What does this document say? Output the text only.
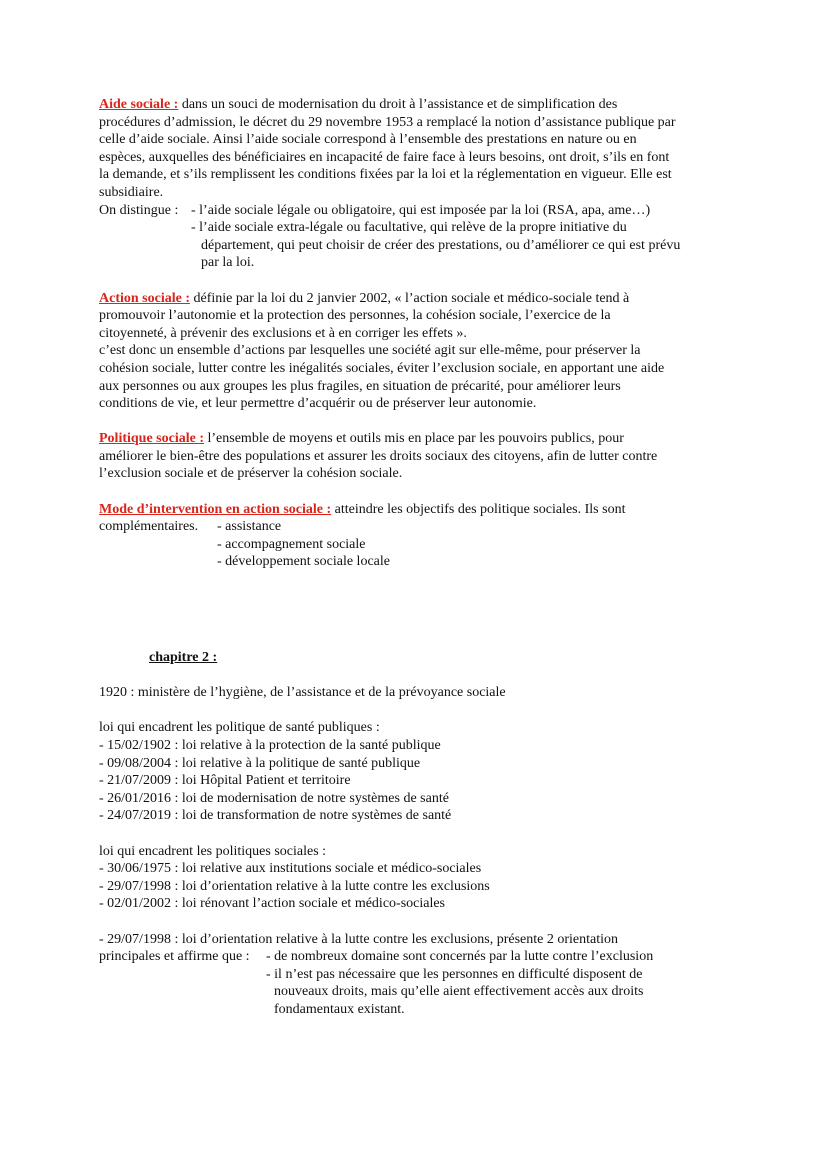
Aide sociale : dans un souci de modernisation du droit à l’assistance et de simplification des

procédures d’admission, le décret du 29 novembre 1953 a remplacé la notion d’assistance publique par

celle d’aide sociale. Ainsi l’aide sociale correspond à l’ensemble des prestations en nature ou en

espèces, auxquelles des bénéficiaires en incapacité de faire face à leurs besoins, ont droit, s’ils en font

la demande, et s’ils remplissent les conditions fixées par la loi et la réglementation en vigueur. Elle est

subsidiaire.

On distingue : - l’aide sociale légale ou obligatoire, qui est imposée par la loi (RSA, apa, ame…)

- l’aide sociale extra-légale ou facultative, qui relève de la propre initiative du

département, qui peut choisir de créer des prestations, ou d’améliorer ce qui est prévu

par la loi.

Action sociale : définie par la loi du 2 janvier 2002, « l’action sociale et médico-sociale tend à

promouvoir l’autonomie et la protection des personnes, la cohésion sociale, l’exercice de la

citoyenneté, à prévenir des exclusions et à en corriger les effets ».

c’est donc un ensemble d’actions par lesquelles une société agit sur elle-même, pour préserver la

cohésion sociale, lutter contre les inégalités sociales, éviter l’exclusion sociale, en apportant une aide

aux personnes ou aux groupes les plus fragiles, en situation de précarité, pour améliorer leurs

conditions de vie, et leur permettre d’acquérir ou de préserver leur autonomie.

Politique sociale : l’ensemble de moyens et outils mis en place par les pouvoirs publics, pour

améliorer le bien-être des populations et assurer les droits sociaux des citoyens, afin de lutter contre

l’exclusion sociale et de préserver la cohésion sociale.

Mode d’intervention en action sociale : atteindre les objectifs des politique sociales. Ils sont

complémentaires.	- assistance

- accompagnement sociale

- développement sociale locale

chapitre 2 :

1920 : ministère de l’hygiène, de l’assistance et de la prévoyance sociale

loi qui encadrent les politique de santé publiques :

- 15/02/1902 : loi relative à la protection de la santé publique

- 09/08/2004 : loi relative à la politique de santé publique

- 21/07/2009 : loi Hôpital Patient et territoire

- 26/01/2016 : loi de modernisation de notre systèmes de santé

- 24/07/2019 : loi de transformation de notre systèmes de santé

loi qui encadrent les politiques sociales :

- 30/06/1975 : loi relative aux institutions sociale et médico-sociales

- 29/07/1998 : loi d’orientation relative à la lutte contre les exclusions

- 02/01/2002 : loi rénovant l’action sociale et médico-sociales

- 29/07/1998 : loi d’orientation relative à la lutte contre les exclusions, présente 2 orientation

principales et affirme que :	- de nombreux domaine sont concernés par la lutte contre l’exclusion

- il n’est pas nécessaire que les personnes en difficulté disposent de

nouveaux droits, mais qu’elle aient effectivement accès aux droits

fondamentaux existant.
